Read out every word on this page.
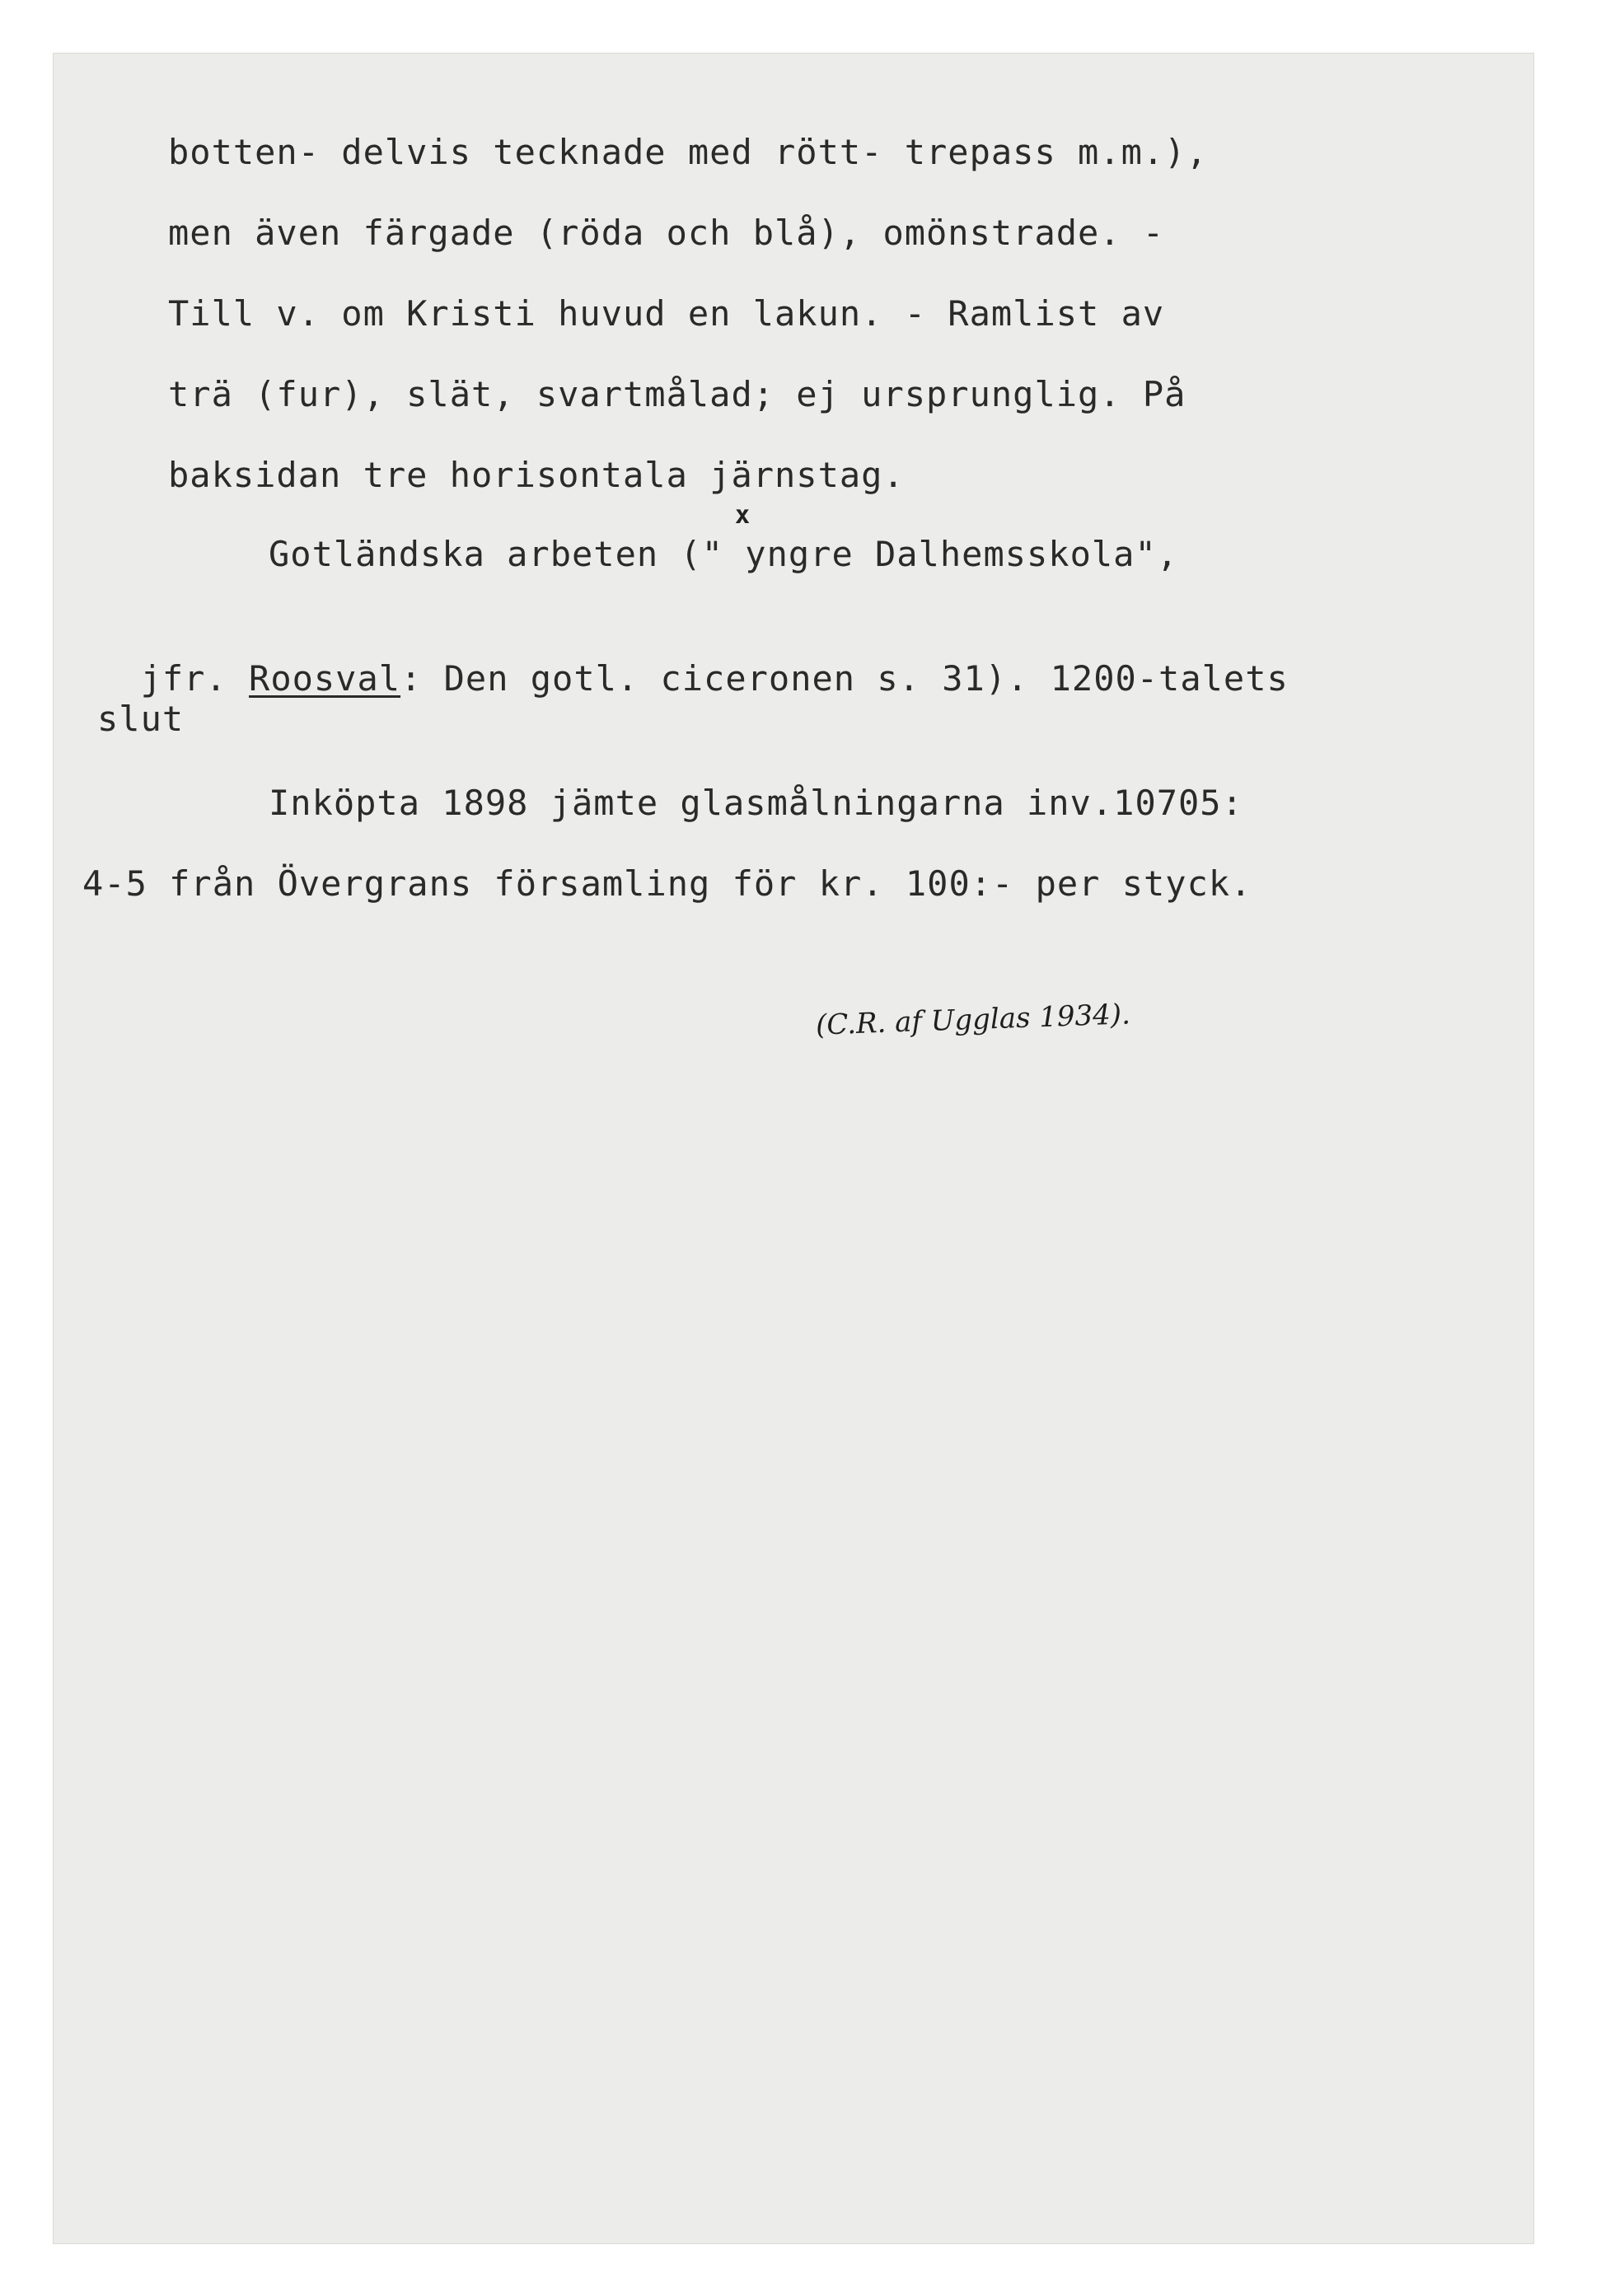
botten- delvis tecknade med rött- trepass m.m.),
men även färgade (röda och blå), omönstrade. -
Till v. om Kristi huvud en lakun. - Ramlist av
trä (fur), slät, svartmålad; ej ursprunglig. På
baksidan tre horisontala järnstag.
x
Gotländska arbeten (" yngre Dalhemsskola",

jfr. Roosval: Den gotl. ciceronen s. 31). 1200-talets

slut
Inköpta 1898 jämte glasmålningarna inv.10705:
4-5 från Övergrans församling för kr. 100:- per styck.
(C.R. af Ugglas 1934).
